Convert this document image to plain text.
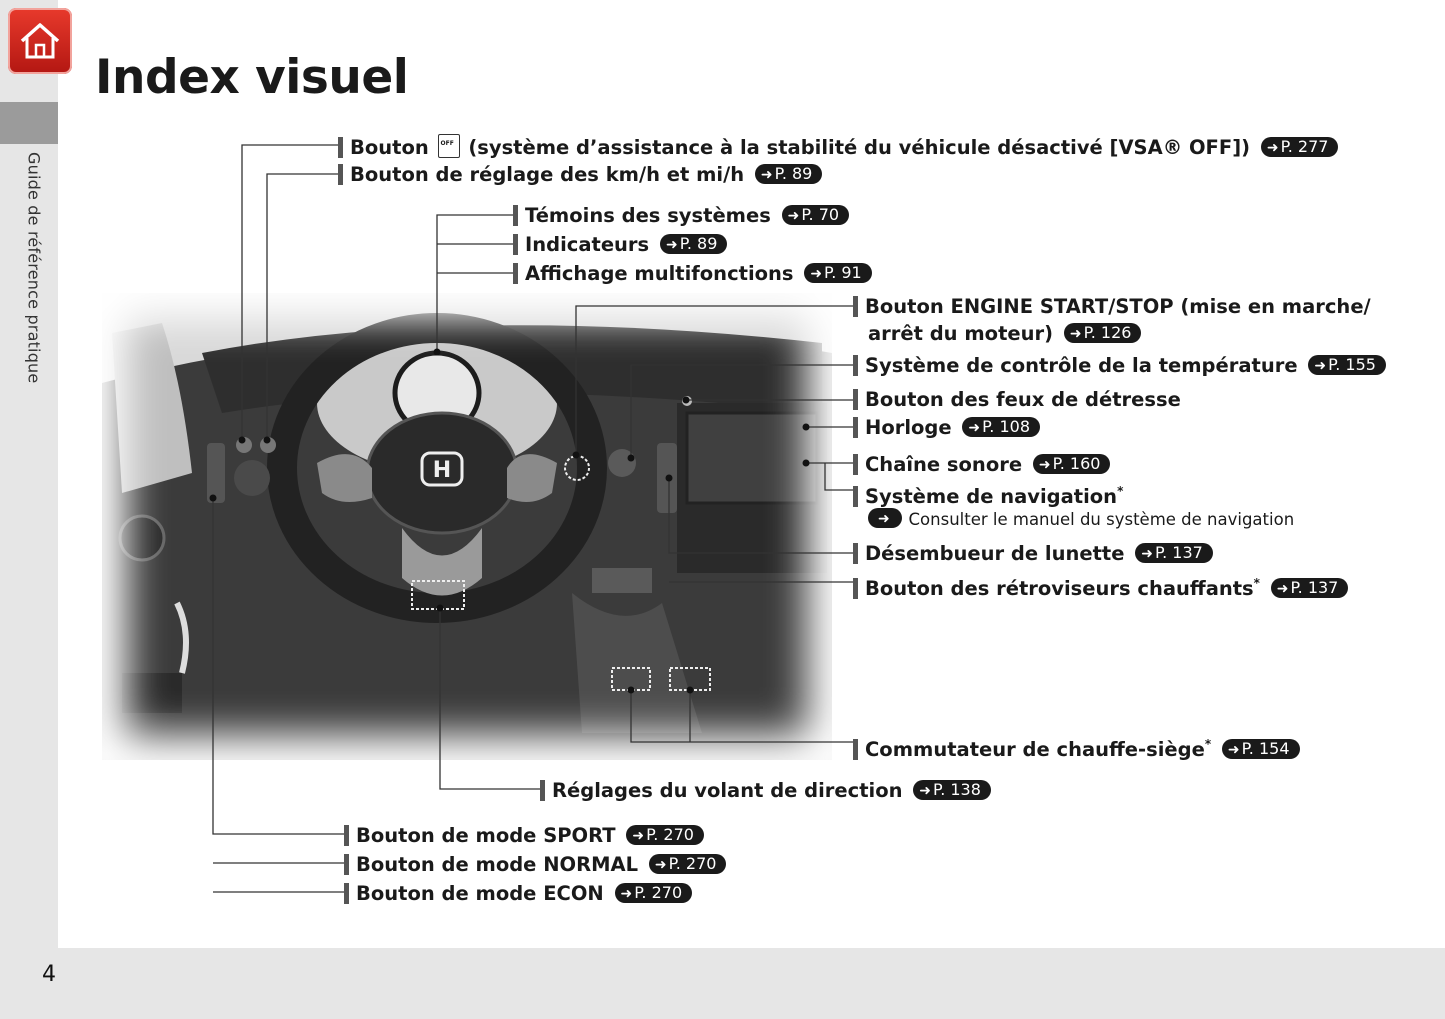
Guide de référence pratique
4
Index visuel
H
Bouton OFF (système d’assistance à la stabilité du véhicule désactivé [VSA® OFF]) ➜ P. 277
Bouton de réglage des km/h et mi/h ➜ P. 89
Témoins des systèmes ➜ P. 70
Indicateurs ➜ P. 89
Affichage multifonctions ➜ P. 91
Bouton ENGINE START/STOP (mise en marche/
arrêt du moteur) ➜ P. 126
Système de contrôle de la température ➜ P. 155
Bouton des feux de détresse
Horloge ➜ P. 108
Chaîne sonore ➜ P. 160
Système de navigation*
➜ Consulter le manuel du système de navigation
Désembueur de lunette ➜ P. 137
Bouton des rétroviseurs chauffants* ➜ P. 137
Commutateur de chauffe-siège* ➜ P. 154
Réglages du volant de direction ➜ P. 138
Bouton de mode SPORT ➜ P. 270
Bouton de mode NORMAL ➜ P. 270
Bouton de mode ECON ➜ P. 270
